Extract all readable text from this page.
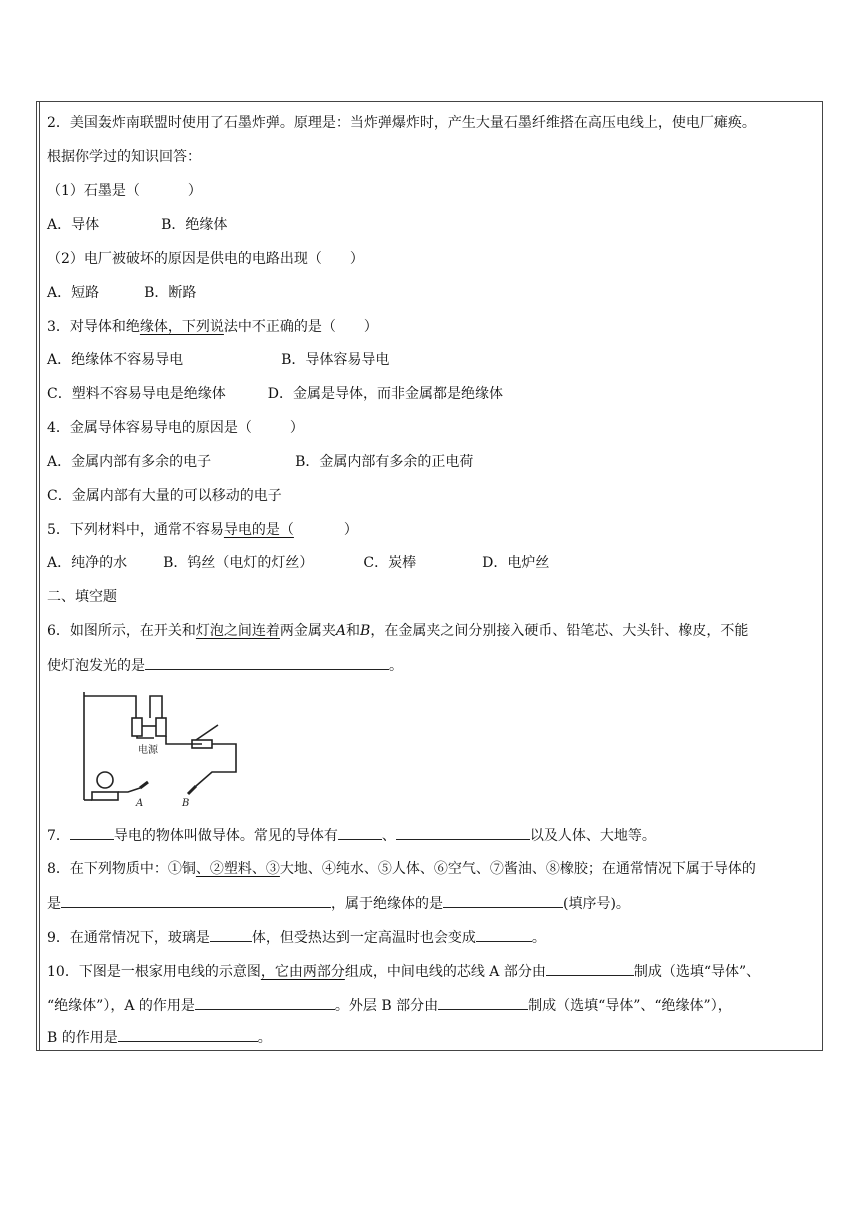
2．美国轰炸南联盟时使用了石墨炸弹。原理是：当炸弹爆炸时，产生大量石墨纤维搭在高压电线上，使电厂瘫痪。
根据你学过的知识回答：
（1）石墨是（	）
A．导体	B．绝缘体
（2）电厂被破坏的原因是供电的电路出现（ ）
A．短路	B．断路
3．对导体和绝缘体，下列说法中不正确的是（ ）
A．绝缘体不容易导电	B．导体容易导电
C．塑料不容易导电是绝缘体	D．金属是导体，而非金属都是绝缘体
4．金属导体容易导电的原因是（	）
A．金属内部有多余的电子	B．金属内部有多余的正电荷
C．金属内部有大量的可以移动的电子
5．下列材料中，通常不容易导电的是（	）
A．纯净的水	B．钨丝（电灯的灯丝）	C．炭棒	D．电炉丝
二、填空题
6．如图所示，在开关和灯泡之间连着两金属夹A和B，在金属夹之间分别接入硬币、铅笔芯、大头针、橡皮，不能
使灯泡发光的是	。
电源
A	B
7．	导电的物体叫做导体。常见的导体有	、	以及人体、大地等。
8．在下列物质中：①铜、②塑料、③大地、④纯水、⑤人体、⑥空气、⑦酱油、⑧橡胶；在通常情况下属于导体的
是	，属于绝缘体的是	(填序号)。
9．在通常情况下，玻璃是	体，但受热达到一定高温时也会变成	。
10．下图是一根家用电线的示意图，它由两部分组成，中间电线的芯线 A 部分由	制成（选填“导体”、
“绝缘体”），A 的作用是	。外层 B 部分由	制成（选填“导体”、“绝缘体”），
B 的作用是	。
